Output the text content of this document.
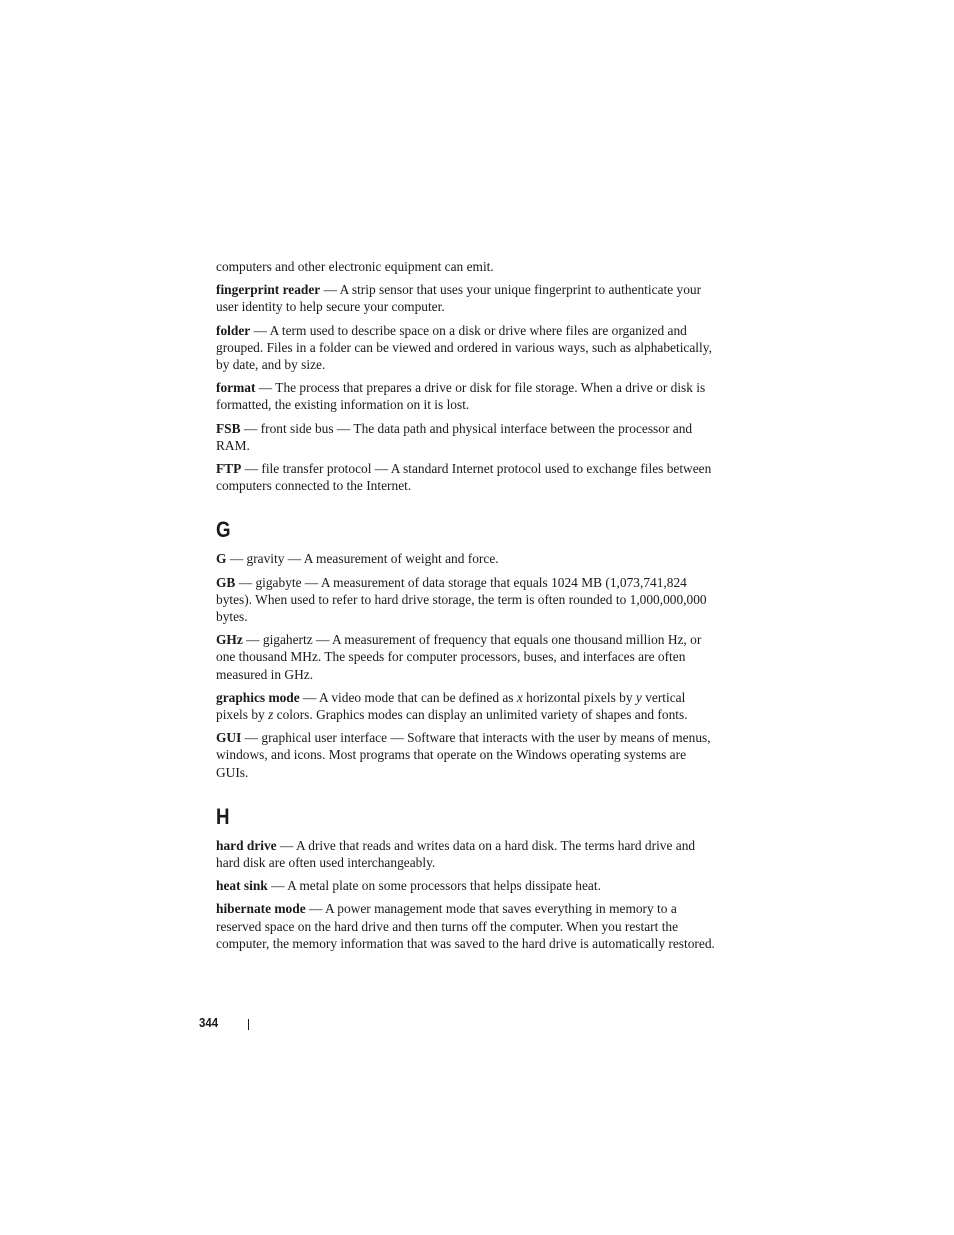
computers and other electronic equipment can emit.

fingerprint reader — A strip sensor that uses your unique fingerprint to authenticate your user identity to help secure your computer.

folder — A term used to describe space on a disk or drive where files are organized and grouped. Files in a folder can be viewed and ordered in various ways, such as alphabetically, by date, and by size.

format — The process that prepares a drive or disk for file storage. When a drive or disk is formatted, the existing information on it is lost.

FSB — front side bus — The data path and physical interface between the processor and RAM.

FTP — file transfer protocol — A standard Internet protocol used to exchange files between computers connected to the Internet.

G

G — gravity — A measurement of weight and force.

GB — gigabyte — A measurement of data storage that equals 1024 MB (1,073,741,824 bytes). When used to refer to hard drive storage, the term is often rounded to 1,000,000,000 bytes.

GHz — gigahertz — A measurement of frequency that equals one thousand million Hz, or one thousand MHz. The speeds for computer processors, buses, and interfaces are often measured in GHz.

graphics mode — A video mode that can be defined as x horizontal pixels by y vertical pixels by z colors. Graphics modes can display an unlimited variety of shapes and fonts.

GUI — graphical user interface — Software that interacts with the user by means of menus, windows, and icons. Most programs that operate on the Windows operating systems are GUIs.

H

hard drive — A drive that reads and writes data on a hard disk. The terms hard drive and hard disk are often used interchangeably.

heat sink — A metal plate on some processors that helps dissipate heat.

hibernate mode — A power management mode that saves everything in memory to a reserved space on the hard drive and then turns off the computer. When you restart the computer, the memory information that was saved to the hard drive is automatically restored.

344
